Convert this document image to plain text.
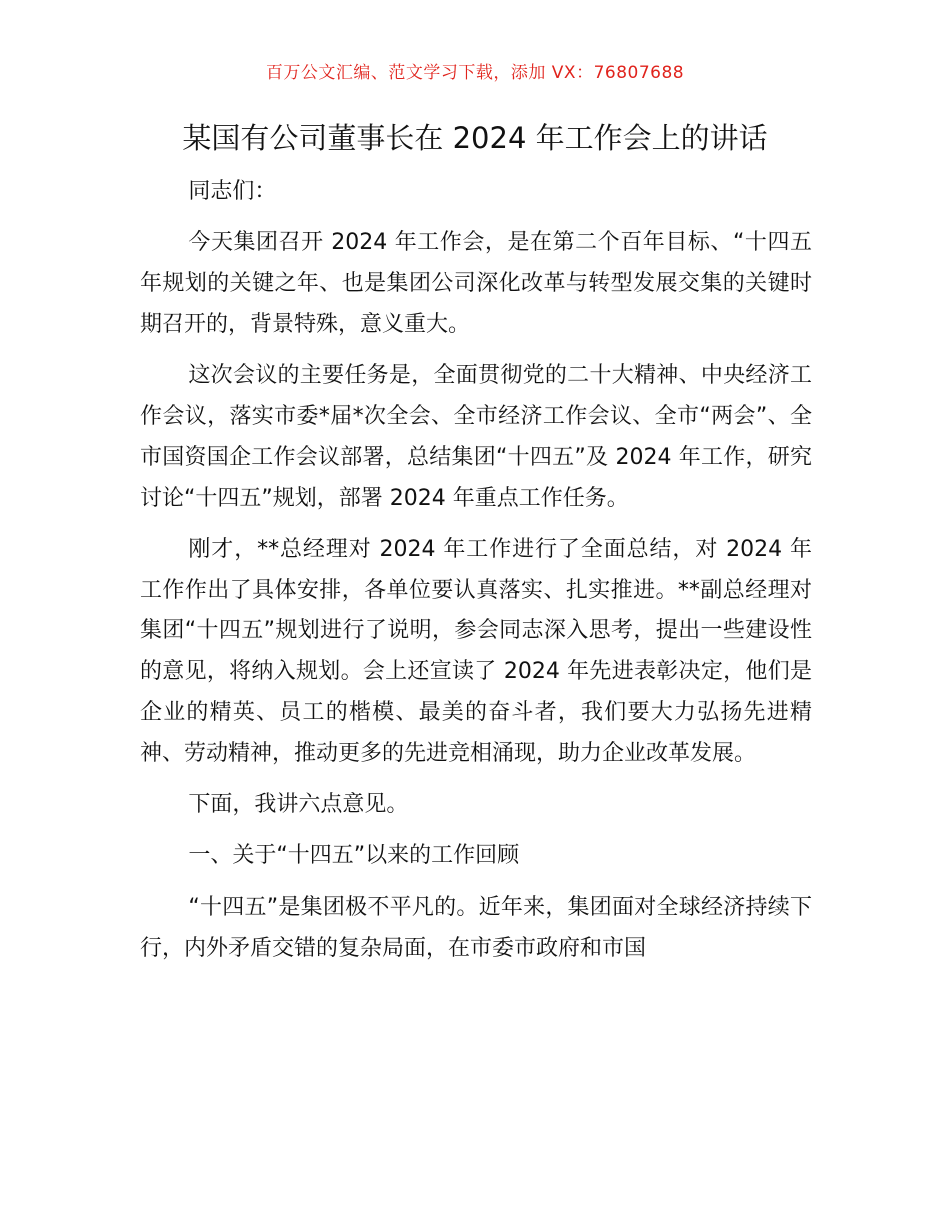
百万公文汇编、范文学习下载，添加 VX：76807688
某国有公司董事长在 2024 年工作会上的讲话

同志们：

今天集团召开 2024 年工作会，是在第二个百年目标、“十四五年规划的关键之年、也是集团公司深化改革与转型发展交集的关键时期召开的，背景特殊，意义重大。

这次会议的主要任务是，全面贯彻党的二十大精神、中央经济工作会议，落实市委*届*次全会、全市经济工作会议、全市“两会”、全市国资国企工作会议部署，总结集团“十四五”及 2024 年工作，研究讨论“十四五”规划，部署 2024 年重点工作任务。

刚才，**总经理对 2024 年工作进行了全面总结，对 2024 年工作作出了具体安排，各单位要认真落实、扎实推进。**副总经理对集团“十四五”规划进行了说明，参会同志深入思考，提出一些建设性的意见，将纳入规划。会上还宣读了 2024 年先进表彰决定，他们是企业的精英、员工的楷模、最美的奋斗者，我们要大力弘扬先进精神、劳动精神，推动更多的先进竞相涌现，助力企业改革发展。

下面，我讲六点意见。

一、关于“十四五”以来的工作回顾

“十四五”是集团极不平凡的。近年来，集团面对全球经济持续下行，内外矛盾交错的复杂局面，在市委市政府和市国
